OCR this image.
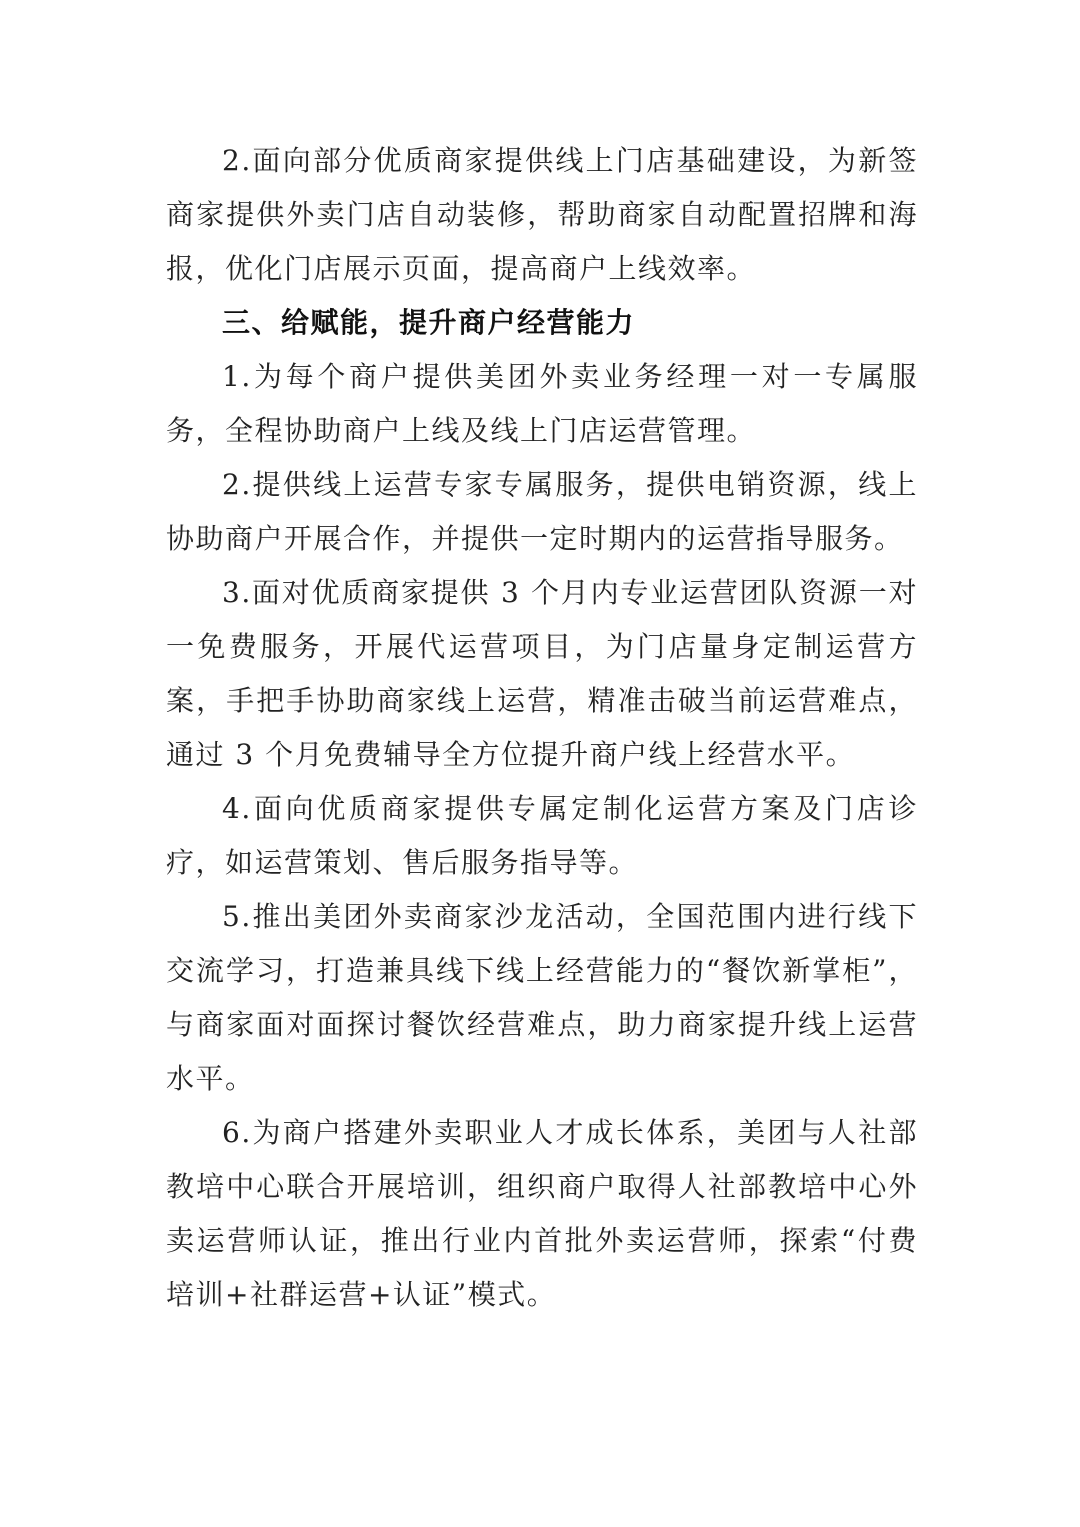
2.面向部分优质商家提供线上门店基础建设，为新签商家提供外卖门店自动装修，帮助商家自动配置招牌和海报，优化门店展示页面，提高商户上线效率。

三、给赋能，提升商户经营能力

1.为每个商户提供美团外卖业务经理一对一专属服务，全程协助商户上线及线上门店运营管理。

2.提供线上运营专家专属服务，提供电销资源，线上协助商户开展合作，并提供一定时期内的运营指导服务。

3.面对优质商家提供 3 个月内专业运营团队资源一对一免费服务，开展代运营项目，为门店量身定制运营方案，手把手协助商家线上运营，精准击破当前运营难点，通过 3 个月免费辅导全方位提升商户线上经营水平。

4.面向优质商家提供专属定制化运营方案及门店诊疗，如运营策划、售后服务指导等。

5.推出美团外卖商家沙龙活动，全国范围内进行线下交流学习，打造兼具线下线上经营能力的“餐饮新掌柜”，与商家面对面探讨餐饮经营难点，助力商家提升线上运营水平。

6.为商户搭建外卖职业人才成长体系，美团与人社部教培中心联合开展培训，组织商户取得人社部教培中心外卖运营师认证，推出行业内首批外卖运营师，探索“付费培训+社群运营+认证”模式。
